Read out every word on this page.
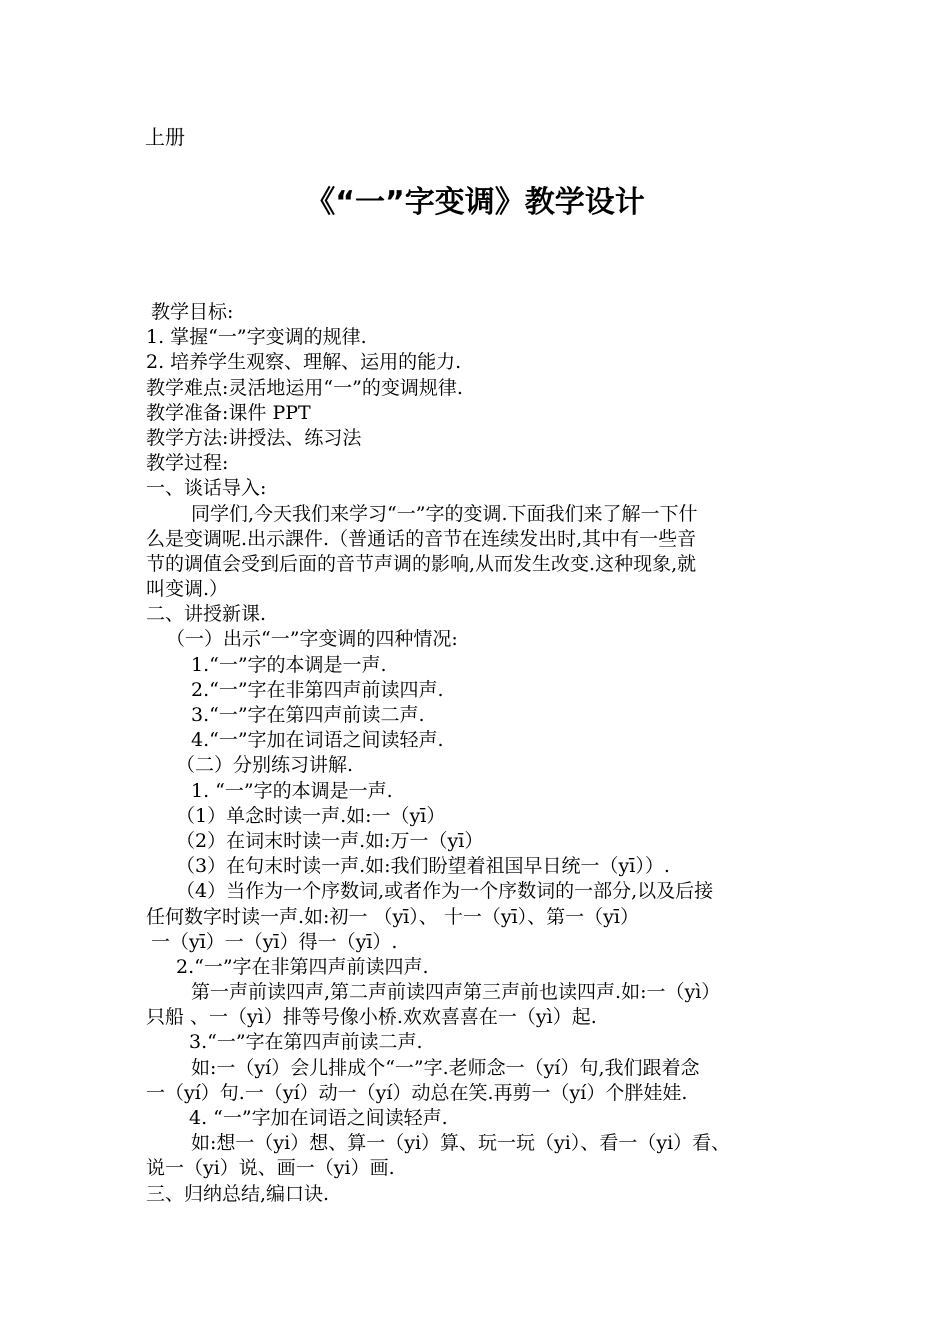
上册
《“一”字变调》教学设计
教学目标:
1. 掌握“一”字变调的规律.
2. 培养学生观察、理解、运用的能力.
教学难点:灵活地运用“一”的变调规律.
教学准备:课件 PPT
教学方法:讲授法、练习法
教学过程:
一、谈话导入:
同学们,今天我们来学习“一”字的变调.下面我们来了解一下什
么是变调呢.出示課件.（普通话的音节在连续发出时,其中有一些音
节的调值会受到后面的音节声调的影响,从而发生改变.这种现象,就
叫变调.）
二、讲授新课.
（一）出示“一”字变调的四种情况:
1.“一”字的本调是一声.
2.“一”字在非第四声前读四声.
3.“一”字在第四声前读二声.
4.“一”字加在词语之间读轻声.
（二）分别练习讲解.
1. “一”字的本调是一声.
（1）单念时读一声.如:一（yī）
（2）在词末时读一声.如:万一（yī）
（3）在句末时读一声.如:我们盼望着祖国早日统一（yī））.
（4）当作为一个序数词,或者作为一个序数词的一部分,以及后接
任何数字时读一声.如:初一 （yī）、 十一（yī）、第一（yī）
一（yī）一（yī）得一（yī）.
2.“一”字在非第四声前读四声.
第一声前读四声,第二声前读四声第三声前也读四声.如:一（yì）
只船 、一（yì）排等号像小桥.欢欢喜喜在一（yì）起.
3.“一”字在第四声前读二声.
如:一（yí）会儿排成个“一”字.老师念一（yí）句,我们跟着念
一（yí）句.一（yí）动一（yí）动总在笑.再剪一（yí）个胖娃娃.
4. “一”字加在词语之间读轻声.
如:想一（yi）想、算一（yi）算、玩一玩（yi）、看一（yi）看、
说一（yi）说、画一（yi）画.
三、归纳总结,编口诀.
